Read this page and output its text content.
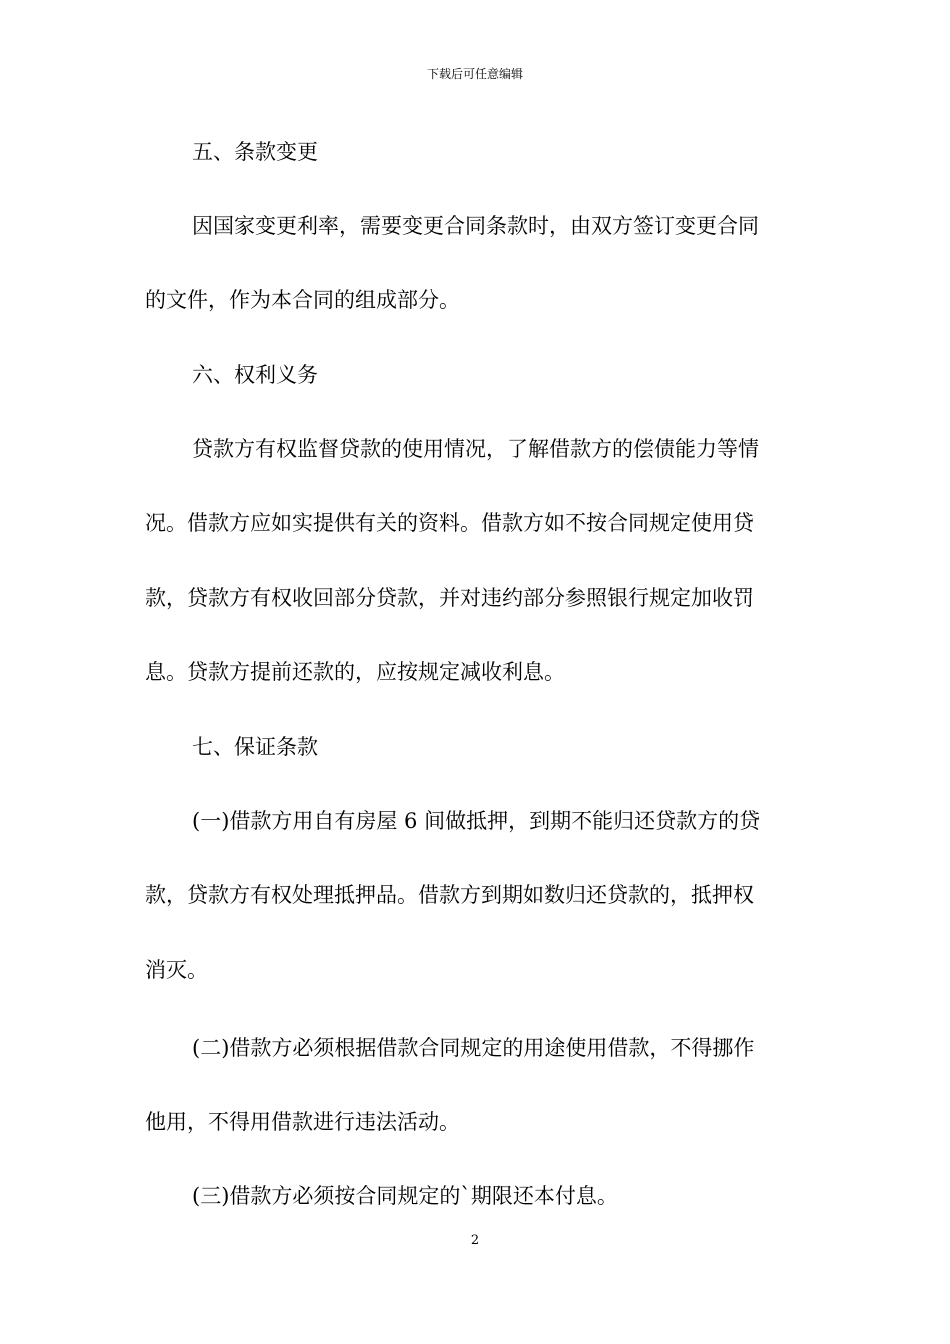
下载后可任意编辑
五、条款变更
因国家变更利率，需要变更合同条款时，由双方签订变更合同
的文件，作为本合同的组成部分。
六、权利义务
贷款方有权监督贷款的使用情况，了解借款方的偿债能力等情
况。借款方应如实提供有关的资料。借款方如不按合同规定使用贷
款，贷款方有权收回部分贷款，并对违约部分参照银行规定加收罚
息。贷款方提前还款的，应按规定减收利息。
七、保证条款
(一)借款方用自有房屋 6 间做抵押，到期不能归还贷款方的贷
款，贷款方有权处理抵押品。借款方到期如数归还贷款的，抵押权
消灭。
(二)借款方必须根据借款合同规定的用途使用借款，不得挪作
他用，不得用借款进行违法活动。
(三)借款方必须按合同规定的`期限还本付息。
2
